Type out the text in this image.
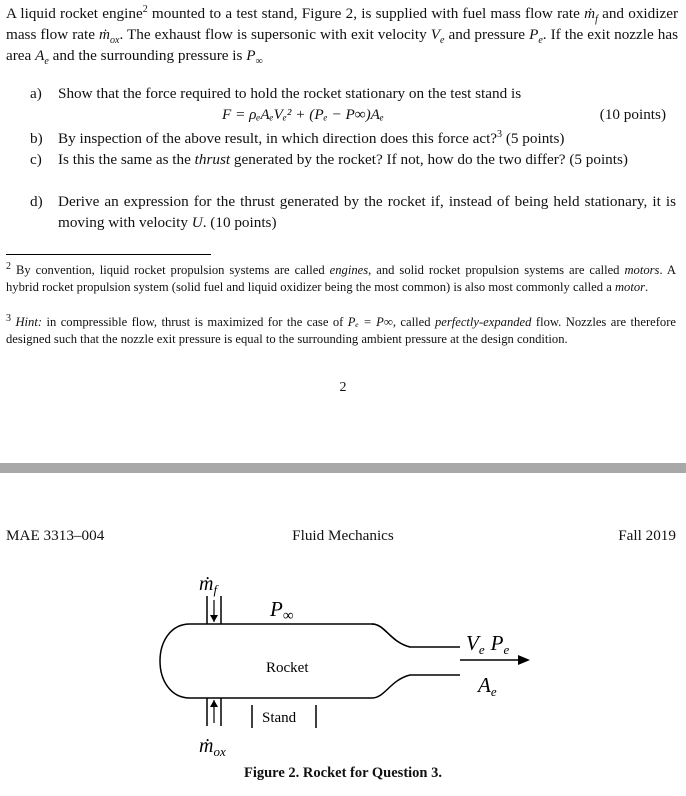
A liquid rocket engine$^2$ mounted to a test stand, Figure 2, is supplied with fuel mass flow rate ṁ$_f$ and oxidizer mass flow rate ṁ$_{ox}$. The exhaust flow is supersonic with exit velocity $V_e$ and pressure $P_e$. If the exit nozzle has area $A_e$ and the surrounding pressure is $P_\infty$
a) Show that the force required to hold the rocket stationary on the test stand is
F = ρₑAₑVₑ² + (Pₑ − P∞)Aₑ	(10 points)
b) By inspection of the above result, in which direction does this force act?$^3$ (5 points)
c) Is this the same as the thrust generated by the rocket? If not, how do the two differ? (5 points)
d) Derive an expression for the thrust generated by the rocket if, instead of being held stationary, it is moving with velocity U. (10 points)
$^2$ By convention, liquid rocket propulsion systems are called engines, and solid rocket propulsion systems are called motors. A hybrid rocket propulsion system (solid fuel and liquid oxidizer being the most common) is also most commonly called a motor.
$^3$ Hint: in compressible flow, thrust is maximized for the case of Pₑ = P∞, called perfectly-expanded flow. Nozzles are therefore designed such that the nozzle exit pressure is equal to the surrounding ambient pressure at the design condition.
2
MAE 3313–004	Fluid Mechanics	Fall 2019
ṁ$_f$
P∞
Rocket
Stand
ṁ$_{ox}$
Ve Pe
Ae
Figure 2. Rocket for Question 3.
